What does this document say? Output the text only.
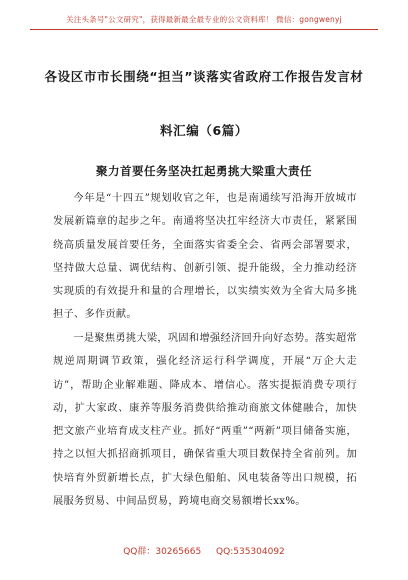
关注头条号"公文研究"，获得最新最全最专业的公文资料库！ 微信：gongwenyj
各设区市市长围绕“担当”谈落实省政府工作报告发言材
料汇编（6篇）
聚力首要任务坚决扛起勇挑大梁重大责任

今年是“十四五”规划收官之年，也是南通续写沿海开放城市发展新篇章的起步之年。南通将坚决扛牢经济大市责任，紧紧围绕高质量发展首要任务，全面落实省委全会、省两会部署要求，坚持做大总量、调优结构、创新引领、提升能级，全力推动经济实现质的有效提升和量的合理增长，以实绩实效为全省大局多挑担子、多作贡献。

一是聚焦勇挑大梁，巩固和增强经济回升向好态势。落实超常规逆周期调节政策，强化经济运行科学调度，开展“万企大走访”，帮助企业解难题、降成本、增信心。落实提振消费专项行动，扩大家政、康养等服务消费供给推动商旅文体健融合，加快把文旅产业培育成支柱产业。抓好“两重”“两新”项目储备实施，持之以恒大抓招商抓项目，确保省重大项目数保持全省前列。加快培育外贸新增长点，扩大绿色船舶、风电装备等出口规模，拓展服务贸易、中间品贸易，跨境电商交易额增长xx%。

QQ群：30265665 QQ:535304092
